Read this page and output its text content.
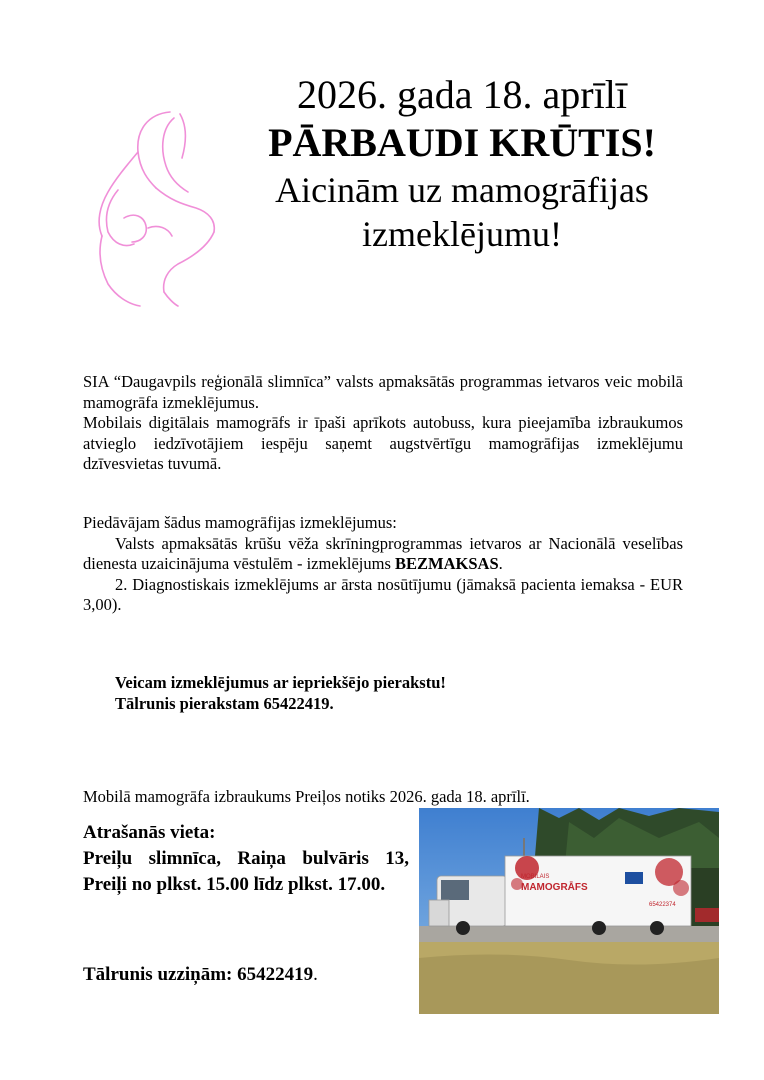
2026. gada 18. aprīlī
PĀRBAUDI KRŪTIS!
Aicinām uz mamogrāfijas
izmeklējumu!
SIA “Daugavpils reģionālā slimnīca” valsts apmaksātās programmas ietvaros veic mobilā mamogrāfa izmeklējumus.
Mobilais digitālais mamogrāfs ir īpaši aprīkots autobuss, kura pieejamība izbraukumos atvieglo iedzīvotājiem iespēju saņemt augstvērtīgu mamogrāfijas izmeklējumu dzīvesvietas tuvumā.
Piedāvājam šādus mamogrāfijas izmeklējumus:
Valsts apmaksātās krūšu vēža skrīningprogrammas ietvaros ar Nacionālā veselības dienesta uzaicinājuma vēstulēm - izmeklējums BEZMAKSAS.
2. Diagnostiskais izmeklējums ar ārsta nosūtījumu (jāmaksā pacienta iemaksa - EUR 3,00).
Veicam izmeklējumus ar iepriekšējo pierakstu!
Tālrunis pierakstam 65422419.
Mobilā mamogrāfa izbraukums Preiļos notiks 2026. gada 18. aprīlī.
Atrašanās vieta:
Preiļu slimnīca, Raiņa bulvāris 13, Preiļi no plkst. 15.00 līdz plkst. 17.00.
Tālrunis uzziņām: 65422419.
MOBILAIS
MAMOGRĀFS
65422374
